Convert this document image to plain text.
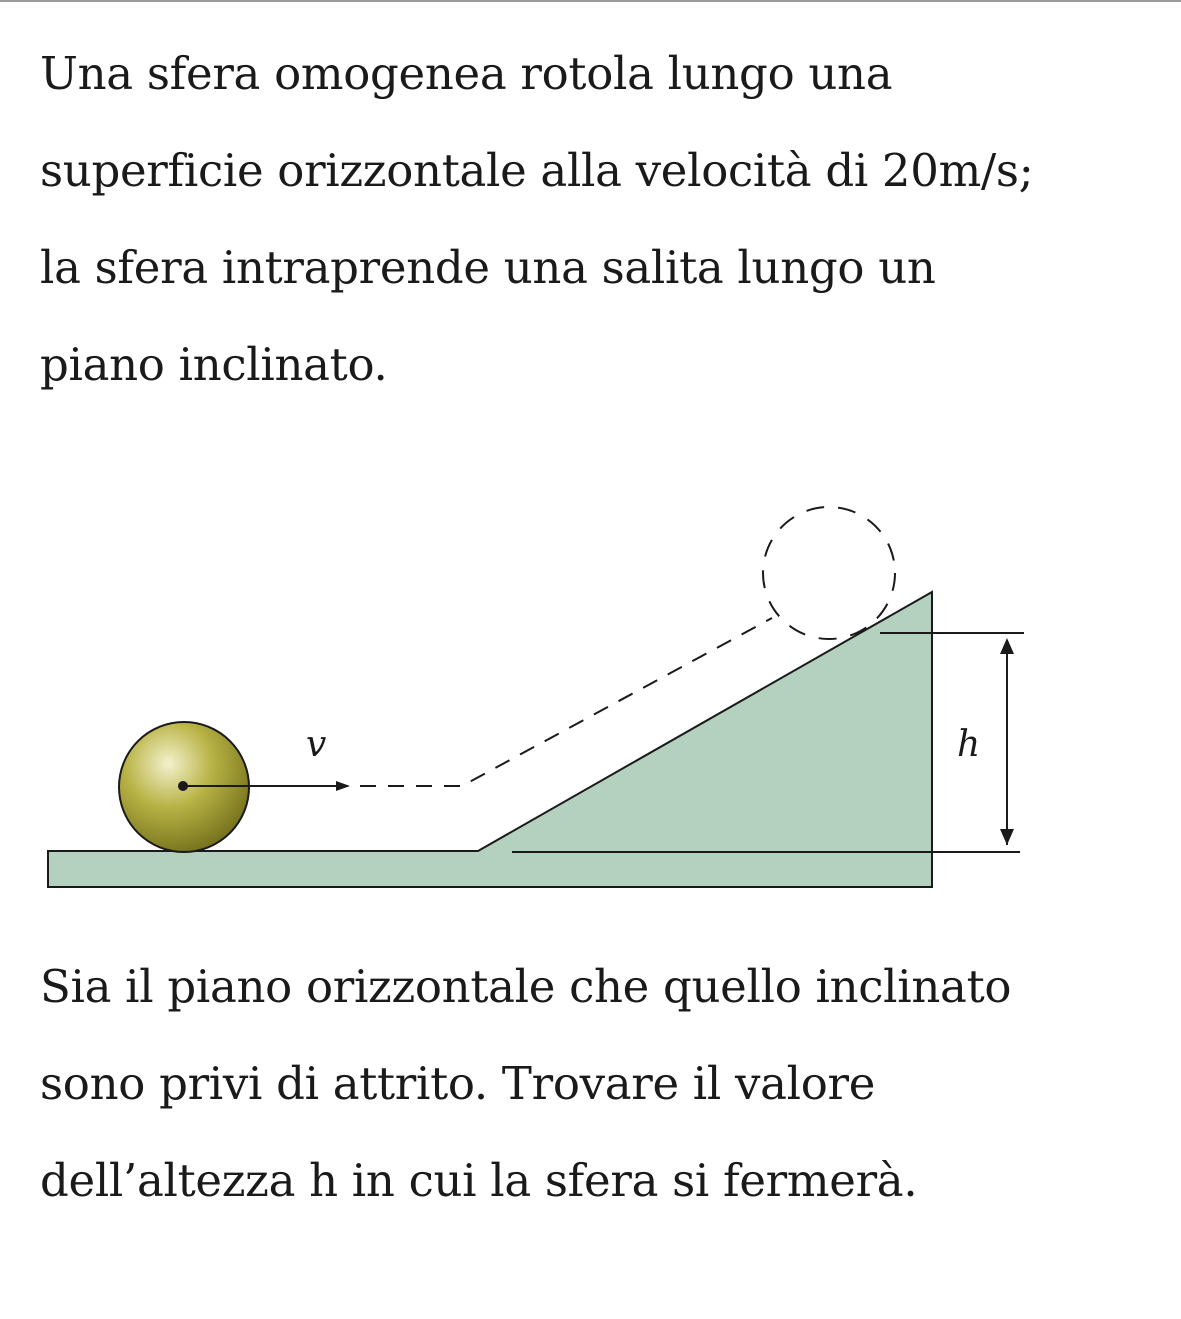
Una sfera omogenea rotola lungo una
superficie orizzontale alla velocità di 20m/s;
la sfera intraprende una salita lungo un
piano inclinato.

v	h

Sia il piano orizzontale che quello inclinato
sono privi di attrito. Trovare il valore
dell’altezza h in cui la sfera si fermerà.
